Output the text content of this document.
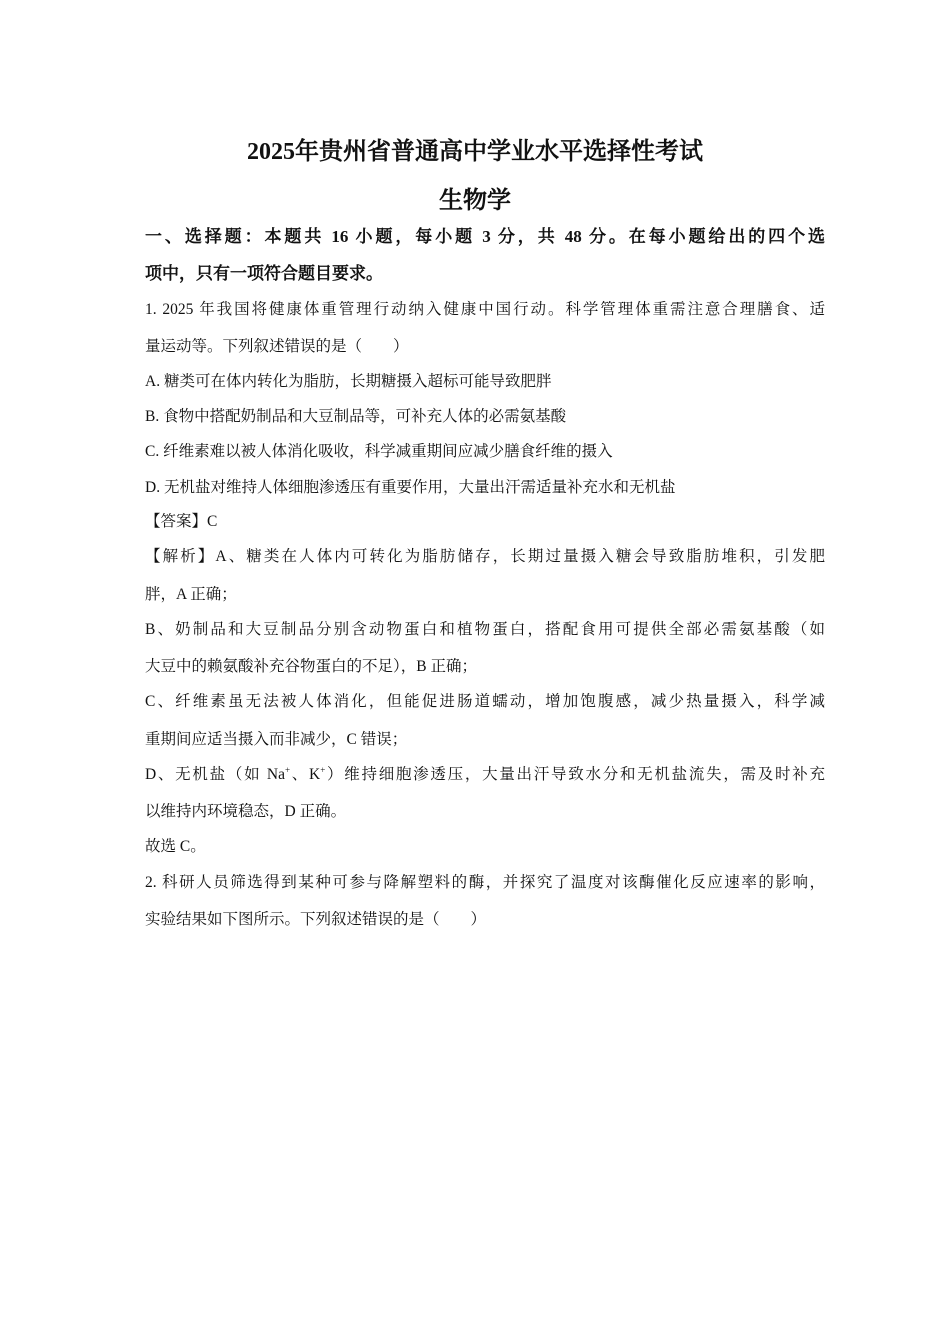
2025年贵州省普通高中学业水平选择性考试
生物学
一、选择题：本题共 16 小题，每小题 3 分，共 48 分。在每小题给出的四个选
项中，只有一项符合题目要求。
1. 2025 年我国将健康体重管理行动纳入健康中国行动。科学管理体重需注意合理膳食、适
量运动等。下列叙述错误的是（　　）
A. 糖类可在体内转化为脂肪，长期糖摄入超标可能导致肥胖
B. 食物中搭配奶制品和大豆制品等，可补充人体的必需氨基酸
C. 纤维素难以被人体消化吸收，科学减重期间应减少膳食纤维的摄入
D. 无机盐对维持人体细胞渗透压有重要作用，大量出汗需适量补充水和无机盐
【答案】C
【解析】A、糖类在人体内可转化为脂肪储存，长期过量摄入糖会导致脂肪堆积，引发肥
胖，A 正确；
B、奶制品和大豆制品分别含动物蛋白和植物蛋白，搭配食用可提供全部必需氨基酸（如
大豆中的赖氨酸补充谷物蛋白的不足），B 正确；
C、纤维素虽无法被人体消化，但能促进肠道蠕动，增加饱腹感，减少热量摄入，科学减
重期间应适当摄入而非减少，C 错误；
D、无机盐（如 Na+、K+）维持细胞渗透压，大量出汗导致水分和无机盐流失，需及时补充
以维持内环境稳态，D 正确。
故选 C。
2. 科研人员筛选得到某种可参与降解塑料的酶，并探究了温度对该酶催化反应速率的影响，
实验结果如下图所示。下列叙述错误的是（　　）
